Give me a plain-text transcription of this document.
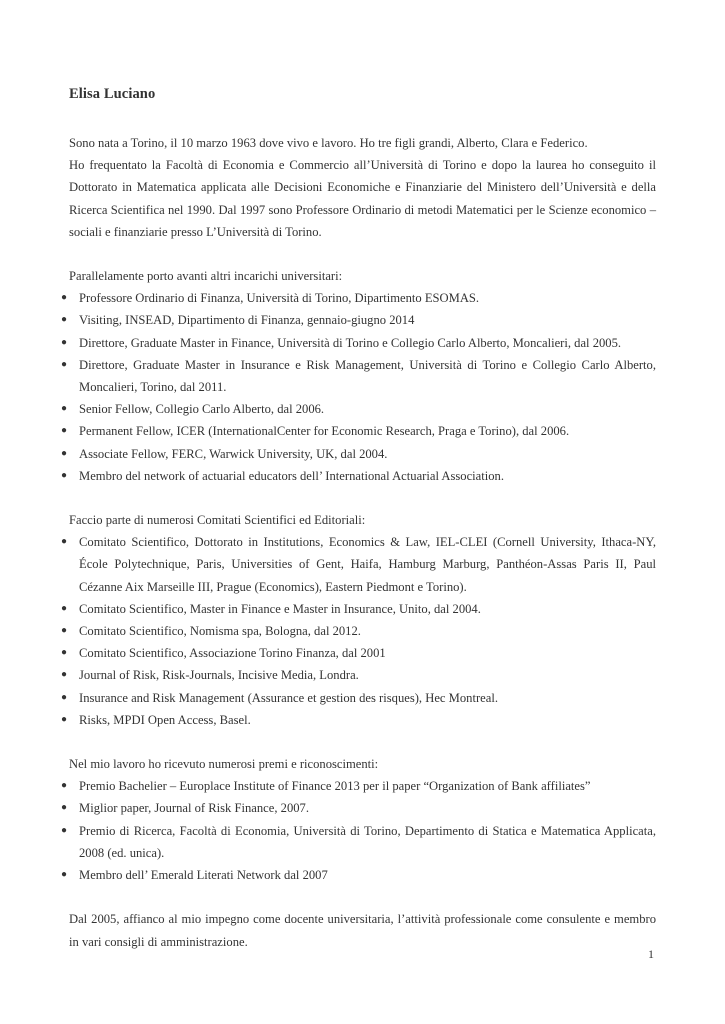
Elisa Luciano

Sono nata a Torino, il 10 marzo 1963 dove vivo e lavoro. Ho tre figli grandi, Alberto, Clara e Federico.

Ho frequentato la Facoltà di Economia e Commercio all’Università di Torino e dopo la laurea ho conseguito il Dottorato in Matematica applicata alle Decisioni Economiche e Finanziarie del Ministero dell’Università e della Ricerca Scientifica nel 1990. Dal 1997 sono Professore Ordinario di metodi Matematici per le Scienze economico – sociali e finanziarie presso L’Università di Torino.

Parallelamente porto avanti altri incarichi universitari:

● Professore Ordinario di Finanza, Università di Torino, Dipartimento ESOMAS.
● Visiting, INSEAD, Dipartimento di Finanza, gennaio-giugno 2014
● Direttore, Graduate Master in Finance, Università di Torino e Collegio Carlo Alberto, Moncalieri, dal 2005.
● Direttore, Graduate Master in Insurance e Risk Management, Università di Torino e Collegio Carlo Alberto, Moncalieri, Torino, dal 2011.
● Senior Fellow, Collegio Carlo Alberto, dal 2006.
● Permanent Fellow, ICER (InternationalCenter for Economic Research, Praga e Torino), dal 2006.
● Associate Fellow, FERC, Warwick University, UK, dal 2004.
● Membro del network of actuarial educators dell’ International Actuarial Association.

Faccio parte di numerosi Comitati Scientifici ed Editoriali:

● Comitato Scientifico, Dottorato in Institutions, Economics & Law, IEL-CLEI (Cornell University, Ithaca-NY, École Polytechnique, Paris, Universities of Gent, Haifa, Hamburg Marburg, Panthéon-Assas Paris II, Paul Cézanne Aix Marseille III, Prague (Economics), Eastern Piedmont e Torino).
● Comitato Scientifico, Master in Finance e Master in Insurance, Unito, dal 2004.
● Comitato Scientifico, Nomisma spa, Bologna, dal 2012.
● Comitato Scientifico, Associazione Torino Finanza, dal 2001
● Journal of Risk, Risk-Journals, Incisive Media, Londra.
● Insurance and Risk Management (Assurance et gestion des risques), Hec Montreal.
● Risks, MPDI Open Access, Basel.

Nel mio lavoro ho ricevuto numerosi premi e riconoscimenti:

● Premio Bachelier – Europlace Institute of Finance 2013 per il paper “Organization of Bank affiliates”
● Miglior paper, Journal of Risk Finance, 2007.
● Premio di Ricerca, Facoltà di Economia, Università di Torino, Departimento di Statica e Matematica Applicata, 2008 (ed. unica).
● Membro dell’ Emerald Literati Network dal 2007

Dal 2005, affianco al mio impegno come docente universitaria, l’attività professionale come consulente e membro in vari consigli di amministrazione.

1
